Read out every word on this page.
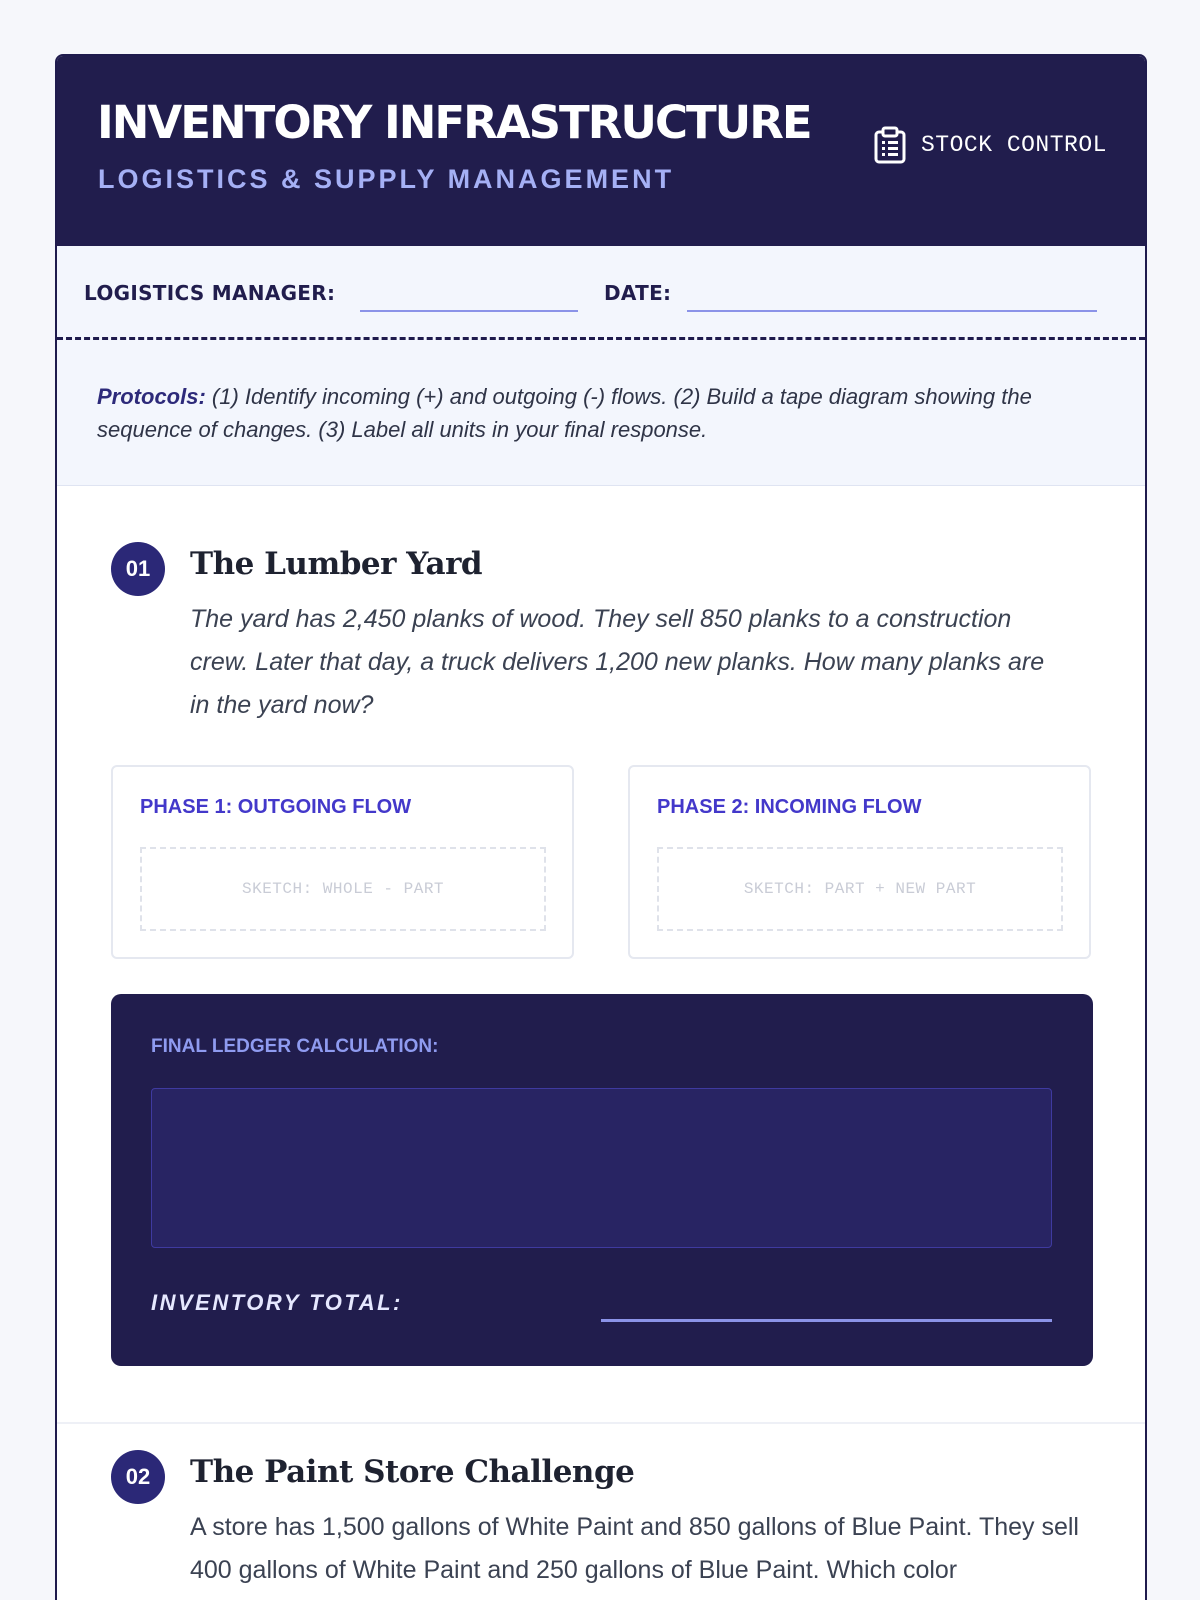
INVENTORY INFRASTRUCTURE
LOGISTICS & SUPPLY MANAGEMENT
STOCK CONTROL
LOGISTICS MANAGER:	DATE:
Protocols: (1) Identify incoming (+) and outgoing (-) flows. (2) Build a tape diagram showing the sequence of changes. (3) Label all units in your final response.
01	The Lumber Yard
The yard has 2,450 planks of wood. They sell 850 planks to a construction crew. Later that day, a truck delivers 1,200 new planks. How many planks are in the yard now?
PHASE 1: OUTGOING FLOW
SKETCH: WHOLE - PART
PHASE 2: INCOMING FLOW
SKETCH: PART + NEW PART
FINAL LEDGER CALCULATION:
INVENTORY TOTAL:
02	The Paint Store Challenge
A store has 1,500 gallons of White Paint and 850 gallons of Blue Paint. They sell 400 gallons of White Paint and 250 gallons of Blue Paint. Which color
